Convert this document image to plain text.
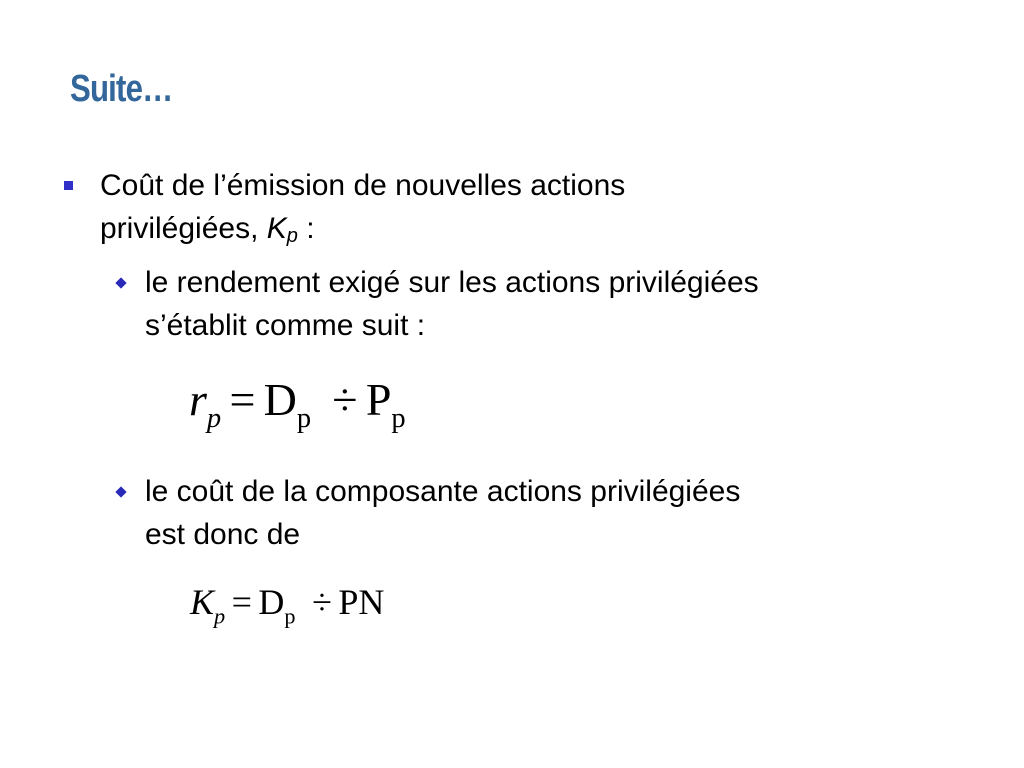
Suite…
Coût de l’émission de nouvelles actions
privilégiées, $K_p$ :
le rendement exigé sur les actions privilégiées
s’établit comme suit :
$r_p = D_p \div P_p$
le coût de la composante actions privilégiées
est donc de
$K_p = D_p$ ÷ PN
